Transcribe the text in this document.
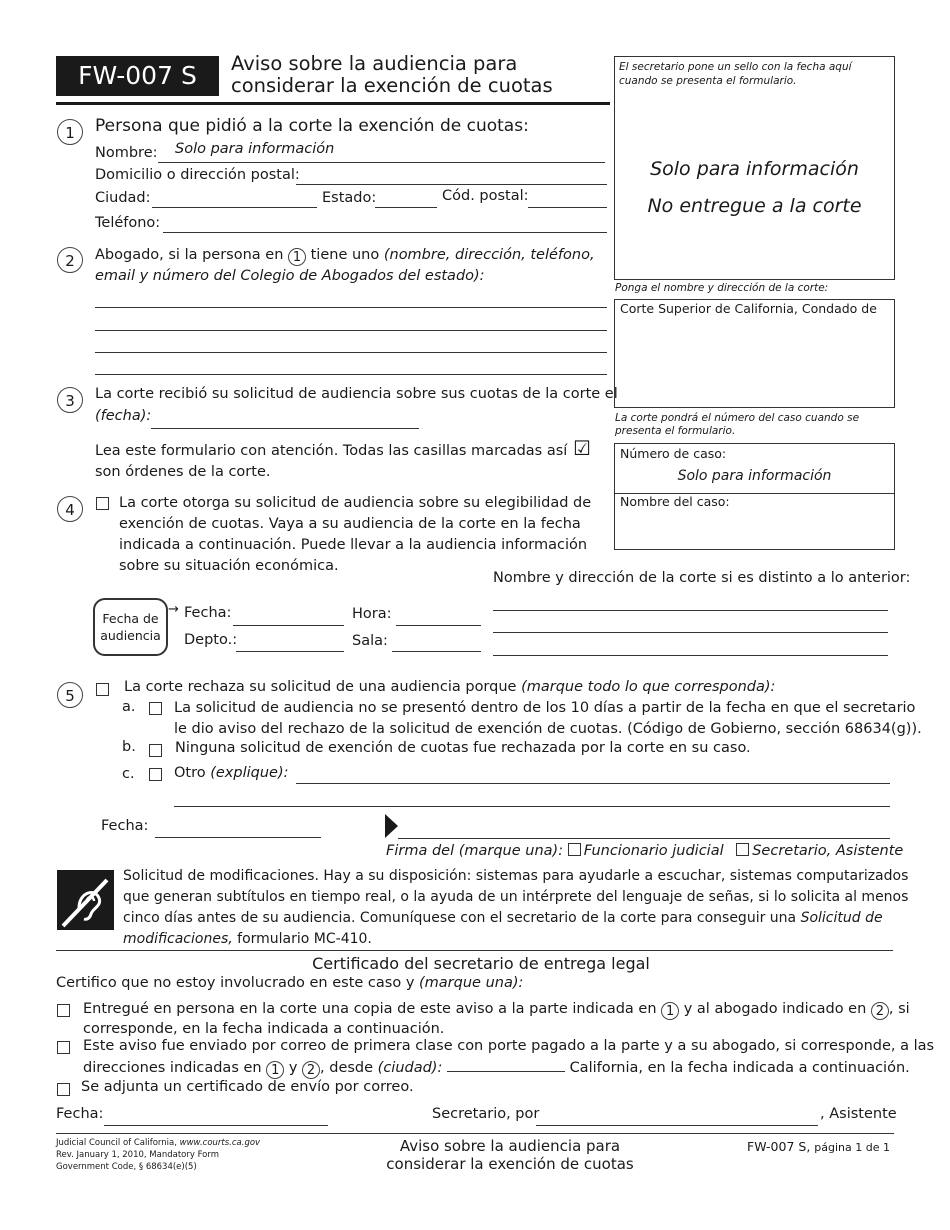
FW-007 S	Aviso sobre la audiencia para
considerar la exención de cuotas
El secretario pone un sello con la fecha aquí
cuando se presenta el formulario.
Solo para información
No entregue a la corte
Ponga el nombre y dirección de la corte:
Corte Superior de California, Condado de
La corte pondrá el número del caso cuando se
presenta el formulario.
Número de caso:
Solo para información
Nombre del caso:
1	Persona que pidió a la corte la exención de cuotas:
Nombre: Solo para información
Domicilio o dirección postal:
Ciudad:	Estado:	Cód. postal:
Teléfono:
2	Abogado, si la persona en 1 tiene uno (nombre, dirección, teléfono,
email y número del Colegio de Abogados del estado):
3	La corte recibió su solicitud de audiencia sobre sus cuotas de la corte el
(fecha):
Lea este formulario con atención. Todas las casillas marcadas así
son órdenes de la corte.
☑
4	La corte otorga su solicitud de audiencia sobre su elegibilidad de
exención de cuotas. Vaya a su audiencia de la corte en la fecha
indicada a continuación. Puede llevar a la audiencia información
sobre su situación económica.
Nombre y dirección de la corte si es distinto a lo anterior:
Fecha de
audiencia
→ Fecha:	Hora:
Depto.:	Sala:
5	La corte rechaza su solicitud de una audiencia porque (marque todo lo que corresponda):
a.	La solicitud de audiencia no se presentó dentro de los 10 días a partir de la fecha en que el secretario
le dio aviso del rechazo de la solicitud de exención de cuotas. (Código de Gobierno, sección 68634(g)).
b.	Ninguna solicitud de exención de cuotas fue rechazada por la corte en su caso.
c.	Otro (explique):
Fecha:
Firma del (marque una): Funcionario judicial Secretario, Asistente
Solicitud de modificaciones. Hay a su disposición: sistemas para ayudarle a escuchar, sistemas computarizados
que generan subtítulos en tiempo real, o la ayuda de un intérprete del lenguaje de señas, si lo solicita al menos
cinco días antes de su audiencia. Comuníquese con el secretario de la corte para conseguir una Solicitud de
modificaciones, formulario MC-410.
Certificado del secretario de entrega legal
Certifico que no estoy involucrado en este caso y (marque una):
Entregué en persona en la corte una copia de este aviso a la parte indicada en 1 y al abogado indicado en 2 , si
corresponde, en la fecha indicada a continuación.
Este aviso fue enviado por correo de primera clase con porte pagado a la parte y a su abogado, si corresponde, a las
direcciones indicadas en 1 y 2 , desde (ciudad):	California, en la fecha indicada a continuación.
Se adjunta un certificado de envío por correo.
Fecha:	Secretario, por	, Asistente
Judicial Council of California, www.courts.ca.gov
Rev. January 1, 2010, Mandatory Form
Government Code, § 68634(e)(5)
Aviso sobre la audiencia para
considerar la exención de cuotas
FW-007 S, página 1 de 1
